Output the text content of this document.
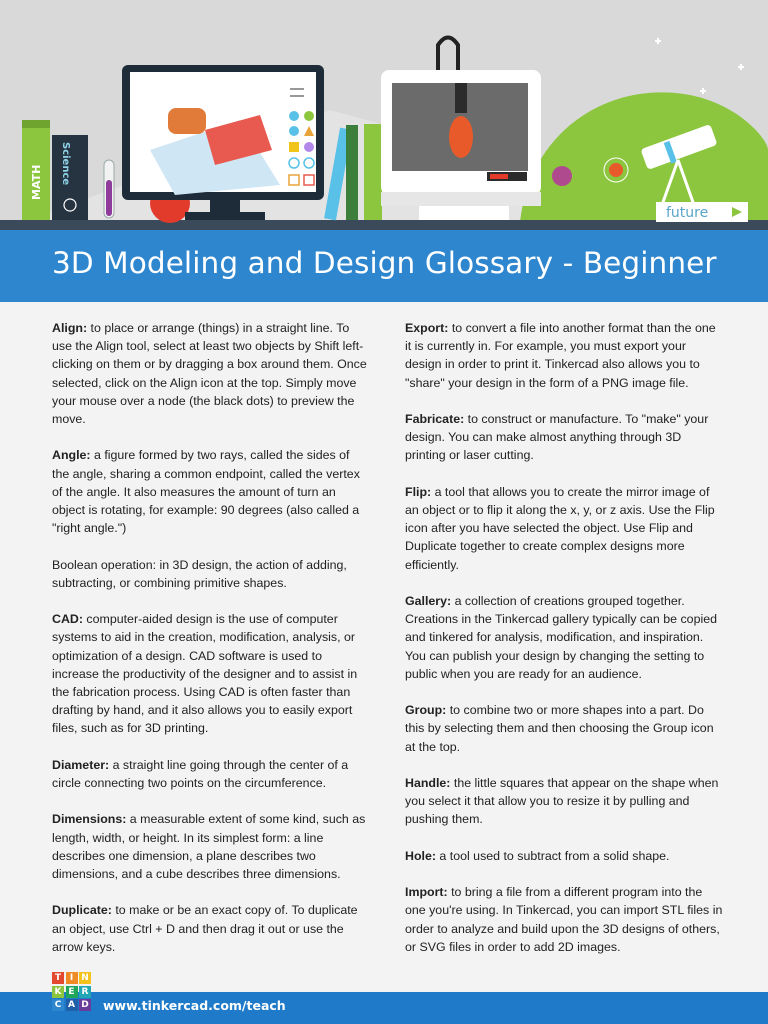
MATH Science
future
3D Modeling and Design Glossary - Beginner

Align: to place or arrange (things) in a straight line. To use the Align tool, select at least two objects by Shift left-clicking on them or by dragging a box around them. Once selected, click on the Align icon at the top. Simply move your mouse over a node (the black dots) to preview the move.

Angle: a figure formed by two rays, called the sides of the angle, sharing a common endpoint, called the vertex of the angle. It also measures the amount of turn an object is rotating, for example: 90 degrees (also called a "right angle.")

Boolean operation: in 3D design, the action of adding, subtracting, or combining primitive shapes.

CAD: computer-aided design is the use of computer systems to aid in the creation, modification, analysis, or optimization of a design. CAD software is used to increase the productivity of the designer and to assist in the fabrication process. Using CAD is often faster than drafting by hand, and it also allows you to easily export files, such as for 3D printing.

Diameter: a straight line going through the center of a circle connecting two points on the circumference.

Dimensions: a measurable extent of some kind, such as length, width, or height. In its simplest form: a line describes one dimension, a plane describes two dimensions, and a cube describes three dimensions.

Duplicate: to make or be an exact copy of. To duplicate an object, use Ctrl + D and then drag it out or use the arrow keys.

Export: to convert a file into another format than the one it is currently in. For example, you must export your design in order to print it. Tinkercad also allows you to "share" your design in the form of a PNG image file.

Fabricate: to construct or manufacture. To "make" your design. You can make almost anything through 3D printing or laser cutting.

Flip: a tool that allows you to create the mirror image of an object or to flip it along the x, y, or z axis. Use the Flip icon after you have selected the object. Use Flip and Duplicate together to create complex designs more efficiently.

Gallery: a collection of creations grouped together. Creations in the Tinkercad gallery typically can be copied and tinkered for analysis, modification, and inspiration. You can publish your design by changing the setting to public when you are ready for an audience.

Group: to combine two or more shapes into a part. Do this by selecting them and then choosing the Group icon at the top.

Handle: the little squares that appear on the shape when you select it that allow you to resize it by pulling and pushing them.

Hole: a tool used to subtract from a solid shape.

Import: to bring a file from a different program into the one you're using. In Tinkercad, you can import STL files in order to analyze and build upon the 3D designs of others, or SVG files in order to add 2D images.

www.tinkercad.com/teach
T I N
K E R
C A D
